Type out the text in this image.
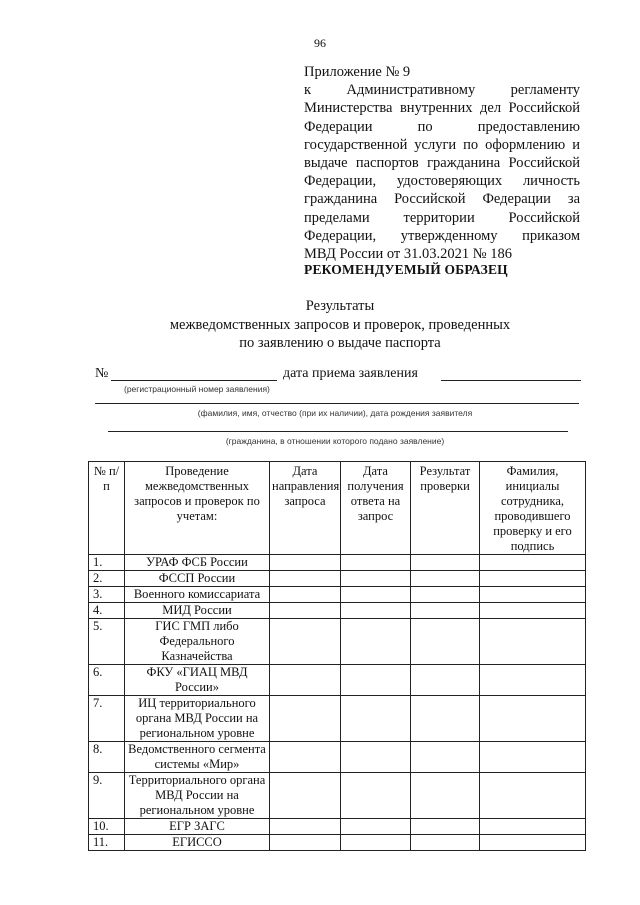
96
Приложение № 9
к Административному регламенту
Министерства внутренних дел Российской
Федерации по предоставлению
государственной услуги по оформлению и
выдаче паспортов гражданина Российской
Федерации, удостоверяющих личность
гражданина Российской Федерации за
пределами территории Российской
Федерации, утвержденному приказом
МВД России от 31.03.2021 № 186
РЕКОМЕНДУЕМЫЙ ОБРАЗЕЦ
Результаты
межведомственных запросов и проверок, проведенных
по заявлению о выдаче паспорта
№	дата приема заявления
(регистрационный номер заявления)
(фамилия, имя, отчество (при их наличии), дата рождения заявителя
(гражданина, в отношении которого подано заявление)
№ п/п	Проведение межведомственных запросов и проверок по учетам:	Дата направления запроса	Дата получения ответа на запрос	Результат проверки	Фамилия, инициалы сотрудника, проводившего проверку и его подпись
1.	УРАФ ФСБ России				
2.	ФССП России				
3.	Военного комиссариата				
4.	МИД России				
5.	ГИС ГМП либо Федерального Казначейства				
6.	ФКУ «ГИАЦ МВД России»				
7.	ИЦ территориального органа МВД России на региональном уровне				
8.	Ведомственного сегмента системы «Мир»				
9.	Территориального органа МВД России на региональном уровне				
10.	ЕГР ЗАГС				
11.	ЕГИССО				
